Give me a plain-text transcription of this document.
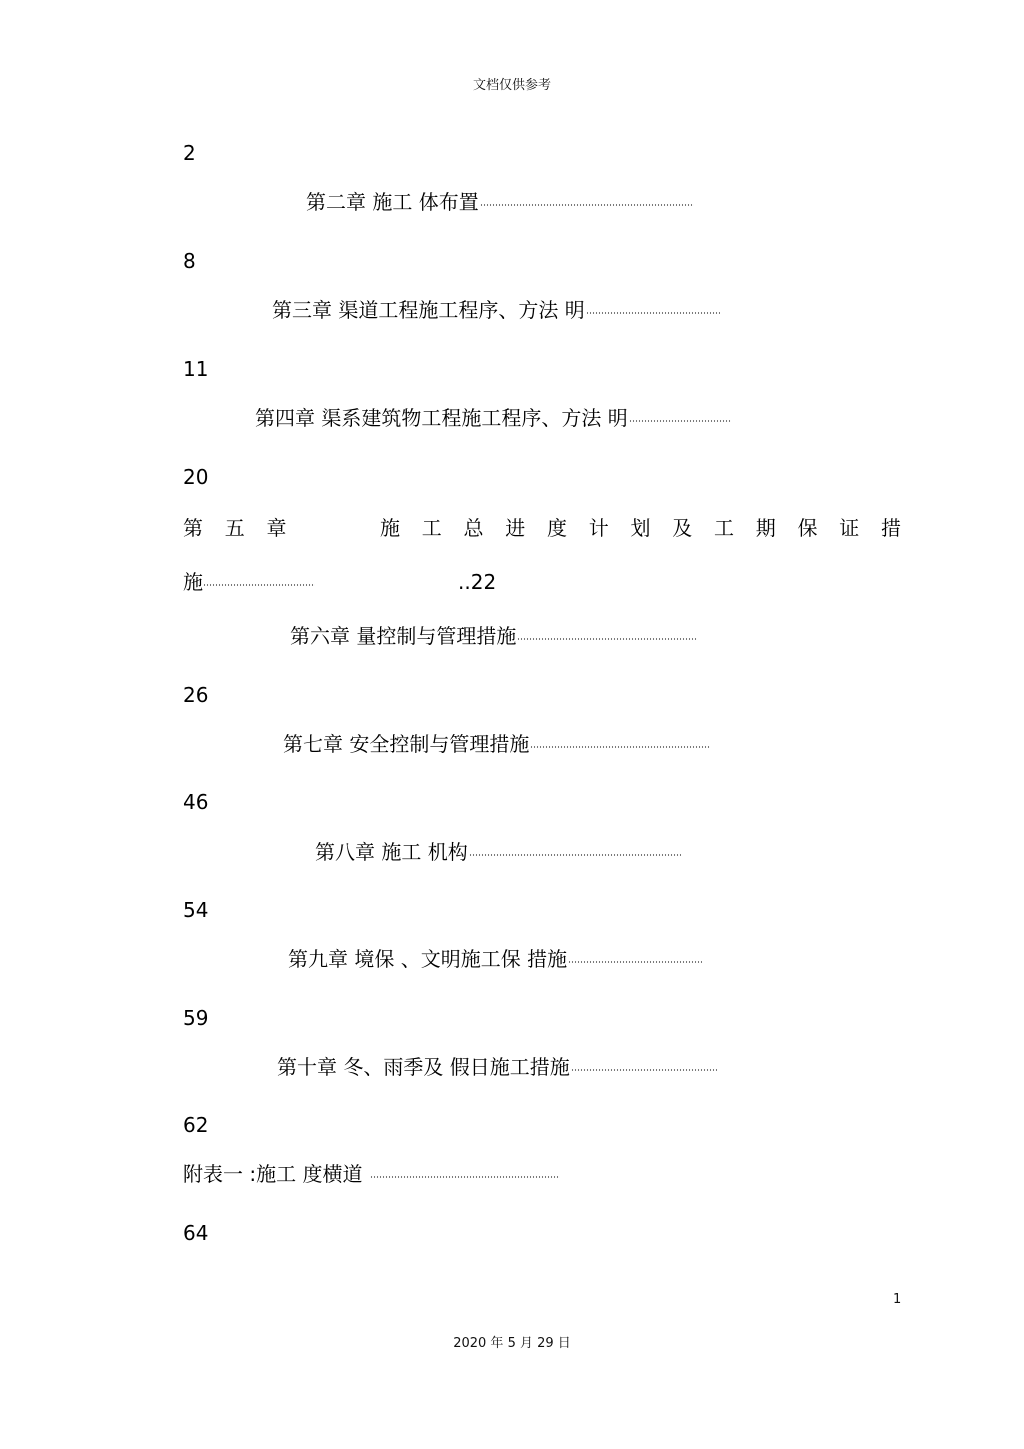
文档仅供参考
2
8
11
20
26
46
54
59
62
64
第二章 施工 体布置
第三章 渠道工程施工程序、方法 明
第四章 渠系建筑物工程施工程序、方法 明
第 五 章	施 工 总 进 度 计 划 及 工 期 保 证 措
施	..22
第六章 量控制与管理措施
第七章 安全控制与管理措施
第八章 施工 机构
第九章 境保 、文明施工保 措施
第十章 冬、雨季及 假日施工措施
附表一 :施工 度横道
1
2020 年 5 月 29 日
